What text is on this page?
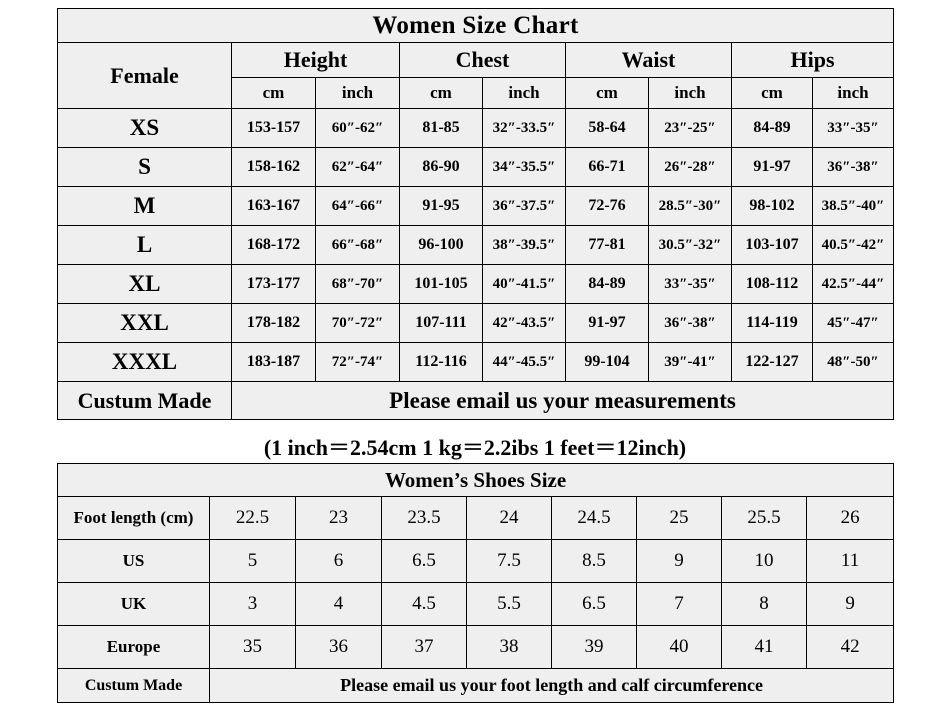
Women Size Chart								
Female	Height		Chest		Waist		Hips	
	cm	inch	cm	inch	cm	inch	cm	inch
XS	153-157	60″-62″	81-85	32″-33.5″	58-64	23″-25″	84-89	33″-35″
S	158-162	62″-64″	86-90	34″-35.5″	66-71	26″-28″	91-97	36″-38″
M	163-167	64″-66″	91-95	36″-37.5″	72-76	28.5″-30″	98-102	38.5″-40″
L	168-172	66″-68″	96-100	38″-39.5″	77-81	30.5″-32″	103-107	40.5″-42″
XL	173-177	68″-70″	101-105	40″-41.5″	84-89	33″-35″	108-112	42.5″-44″
XXL	178-182	70″-72″	107-111	42″-43.5″	91-97	36″-38″	114-119	45″-47″
XXXL	183-187	72″-74″	112-116	44″-45.5″	99-104	39″-41″	122-127	48″-50″
Custum Made	Please email us your measurements							
(1 inch＝2.54cm 1 kg＝2.2ibs 1 feet＝12inch)
Women’s Shoes Size								
Foot length (cm)	22.5	23	23.5	24	24.5	25	25.5	26
US	5	6	6.5	7.5	8.5	9	10	11
UK	3	4	4.5	5.5	6.5	7	8	9
Europe	35	36	37	38	39	40	41	42
Custum Made	Please email us your foot length and calf circumference							
